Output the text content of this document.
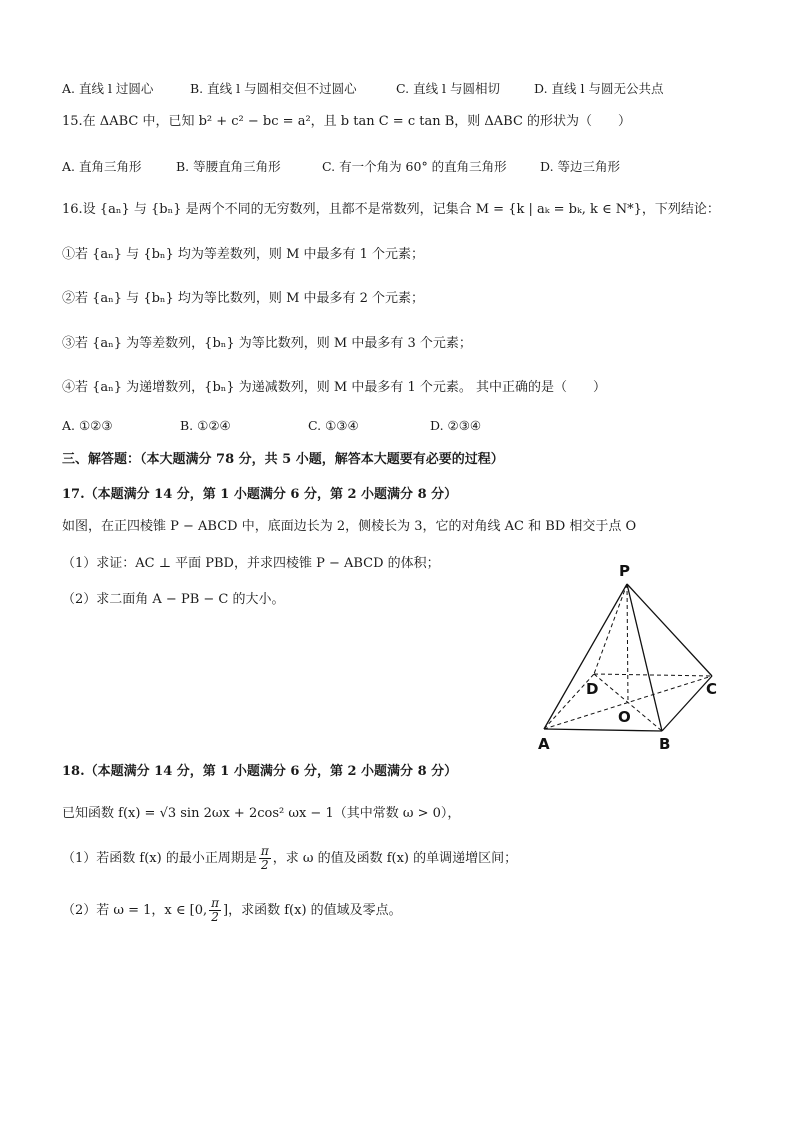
A. 直线 l 过圆心	B. 直线 l 与圆相交但不过圆心	C. 直线 l 与圆相切	D. 直线 l 与圆无公共点
15.在 ΔABC 中，已知 b² + c² − bc = a²，且 b tan C = c tan B，则 ΔABC 的形状为（　　）
A. 直角三角形	B. 等腰直角三角形	C. 有一个角为 60° 的直角三角形	D. 等边三角形
16.设 {aₙ} 与 {bₙ} 是两个不同的无穷数列，且都不是常数列，记集合 M = {k | aₖ = bₖ, k ∈ N*}，下列结论：
①若 {aₙ} 与 {bₙ} 均为等差数列，则 M 中最多有 1 个元素；
②若 {aₙ} 与 {bₙ} 均为等比数列，则 M 中最多有 2 个元素；
③若 {aₙ} 为等差数列，{bₙ} 为等比数列，则 M 中最多有 3 个元素；
④若 {aₙ} 为递增数列，{bₙ} 为递减数列，则 M 中最多有 1 个元素。 其中正确的是（　　）
A. ①②③	B. ①②④	C. ①③④	D. ②③④
三、解答题：（本大题满分 78 分，共 5 小题，解答本大题要有必要的过程）
17.（本题满分 14 分，第 1 小题满分 6 分，第 2 小题满分 8 分）
如图，在正四棱锥 P − ABCD 中，底面边长为 2，侧棱长为 3，它的对角线 AC 和 BD 相交于点 O
（1）求证：AC ⊥ 平面 PBD，并求四棱锥 P − ABCD 的体积；
（2）求二面角 A − PB − C 的大小。
P
A	B
C
D
O
18.（本题满分 14 分，第 1 小题满分 6 分，第 2 小题满分 8 分）
已知函数 f(x) = √3 sin 2ωx + 2cos² ωx − 1（其中常数 ω > 0），
（1）若函数 f(x) 的最小正周期是 $\frac{\pi}{2}$ ，求 ω 的值及函数 f(x) 的单调递增区间；
（2）若 ω = 1，x ∈ [0, $\frac{\pi}{2}$ ]，求函数 f(x) 的值域及零点。
